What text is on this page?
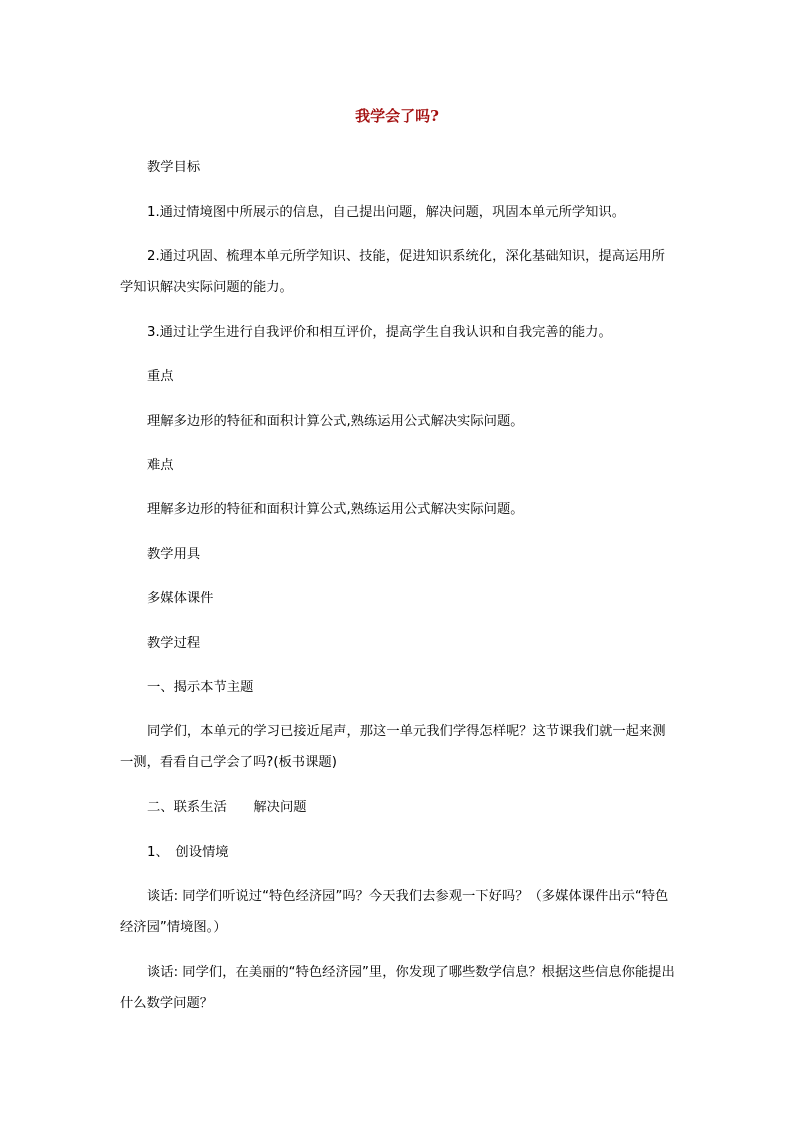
我学会了吗?

教学目标

1.通过情境图中所展示的信息，自己提出问题，解决问题，巩固本单元所学知识。

2.通过巩固、梳理本单元所学知识、技能，促进知识系统化，深化基础知识，提高运用所学知识解决实际问题的能力。

3.通过让学生进行自我评价和相互评价，提高学生自我认识和自我完善的能力。

重点

理解多边形的特征和面积计算公式,熟练运用公式解决实际问题。

难点

理解多边形的特征和面积计算公式,熟练运用公式解决实际问题。

教学用具

多媒体课件

教学过程

一、揭示本节主题

同学们，本单元的学习已接近尾声，那这一单元我们学得怎样呢？这节课我们就一起来测一测，看看自己学会了吗?(板书课题)

二、联系生活　　解决问题

1、　创设情境

谈话: 同学们听说过“特色经济园”吗？今天我们去参观一下好吗？（多媒体课件出示“特色经济园”情境图。）

谈话: 同学们，在美丽的“特色经济园”里，你发现了哪些数学信息？根据这些信息你能提出什么数学问题？
